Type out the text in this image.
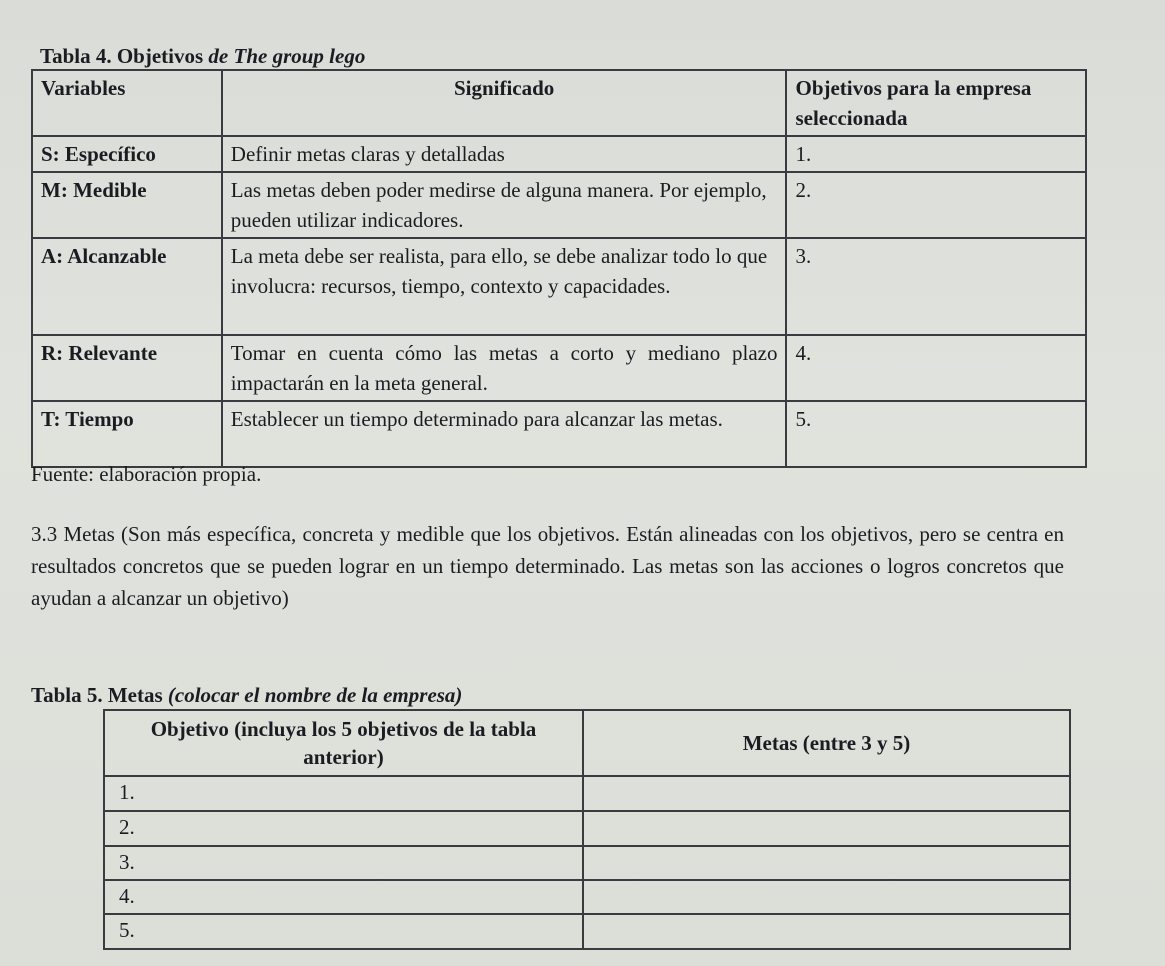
Tabla 4. Objetivos de The group lego
Variables	Significado	Objetivos para la empresa seleccionada
S: Específico	Definir metas claras y detalladas	1.
M: Medible	Las metas deben poder medirse de alguna manera. Por ejemplo, pueden utilizar indicadores.	2.
A: Alcanzable	La meta debe ser realista, para ello, se debe analizar todo lo que involucra: recursos, tiempo, contexto y capacidades.	3.
R: Relevante	Tomar en cuenta cómo las metas a corto y mediano plazo impactarán en la meta general.	4.
T: Tiempo	Establecer un tiempo determinado para alcanzar las metas.	5.
Fuente: elaboración propia.
3.3 Metas (Son más específica, concreta y medible que los objetivos. Están alineadas con los objetivos, pero se centra en resultados concretos que se pueden lograr en un tiempo determinado. Las metas son las acciones o logros concretos que ayudan a alcanzar un objetivo)
Tabla 5. Metas (colocar el nombre de la empresa)
Objetivo (incluya los 5 objetivos de la tabla anterior)	Metas (entre 3 y 5)
1.	
2.	
3.	
4.	
5.	
